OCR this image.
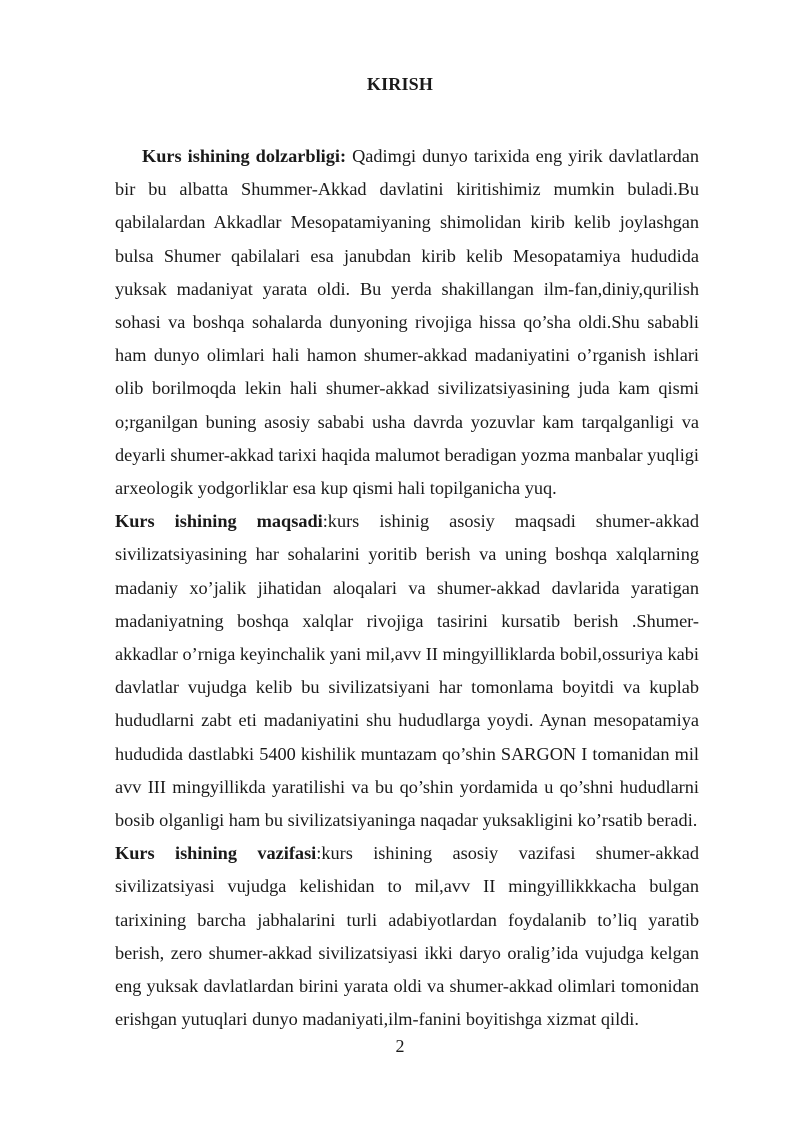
KIRISH

Kurs ishining dolzarbligi: Qadimgi dunyo tarixida eng yirik davlatlardan bir bu albatta Shummer-Akkad davlatini kiritishimiz mumkin buladi.Bu qabilalardan Akkadlar Mesopatamiyaning shimolidan kirib kelib joylashgan bulsa Shumer qabilalari esa janubdan kirib kelib Mesopatamiya hududida yuksak madaniyat yarata oldi. Bu yerda shakillangan ilm-fan,diniy,qurilish sohasi va boshqa sohalarda dunyoning rivojiga hissa qo’sha oldi.Shu sababli ham dunyo olimlari hali hamon shumer-akkad madaniyatini o’rganish ishlari olib borilmoqda lekin hali shumer-akkad sivilizatsiyasining juda kam qismi o;rganilgan buning asosiy sababi usha davrda yozuvlar kam tarqalganligi va deyarli shumer-akkad tarixi haqida malumot beradigan yozma manbalar yuqligi arxeologik yodgorliklar esa kup qismi hali topilganicha yuq.

Kurs ishining maqsadi:kurs ishinig asosiy maqsadi shumer-akkad sivilizatsiyasining har sohalarini yoritib berish va uning boshqa xalqlarning madaniy xo’jalik jihatidan aloqalari va shumer-akkad davlarida yaratigan madaniyatning boshqa xalqlar rivojiga tasirini kursatib berish .Shumer-akkadlar o’rniga keyinchalik yani mil,avv II mingyilliklarda bobil,ossuriya kabi davlatlar vujudga kelib bu sivilizatsiyani har tomonlama boyitdi va kuplab hududlarni zabt eti madaniyatini shu hududlarga yoydi. Aynan mesopatamiya hududida dastlabki 5400 kishilik muntazam qo’shin SARGON I tomanidan mil avv III mingyillikda yaratilishi va bu qo’shin yordamida u qo’shni hududlarni bosib olganligi ham bu sivilizatsiyaninga naqadar yuksakligini ko’rsatib beradi.

Kurs ishining vazifasi:kurs ishining asosiy vazifasi shumer-akkad sivilizatsiyasi vujudga kelishidan to mil,avv II mingyillikkkacha bulgan tarixining barcha jabhalarini turli adabiyotlardan foydalanib to’liq yaratib berish, zero shumer-akkad sivilizatsiyasi ikki daryo oralig’ida vujudga kelgan eng yuksak davlatlardan birini yarata oldi va shumer-akkad olimlari tomonidan erishgan yutuqlari dunyo madaniyati,ilm-fanini boyitishga xizmat qildi.

2
